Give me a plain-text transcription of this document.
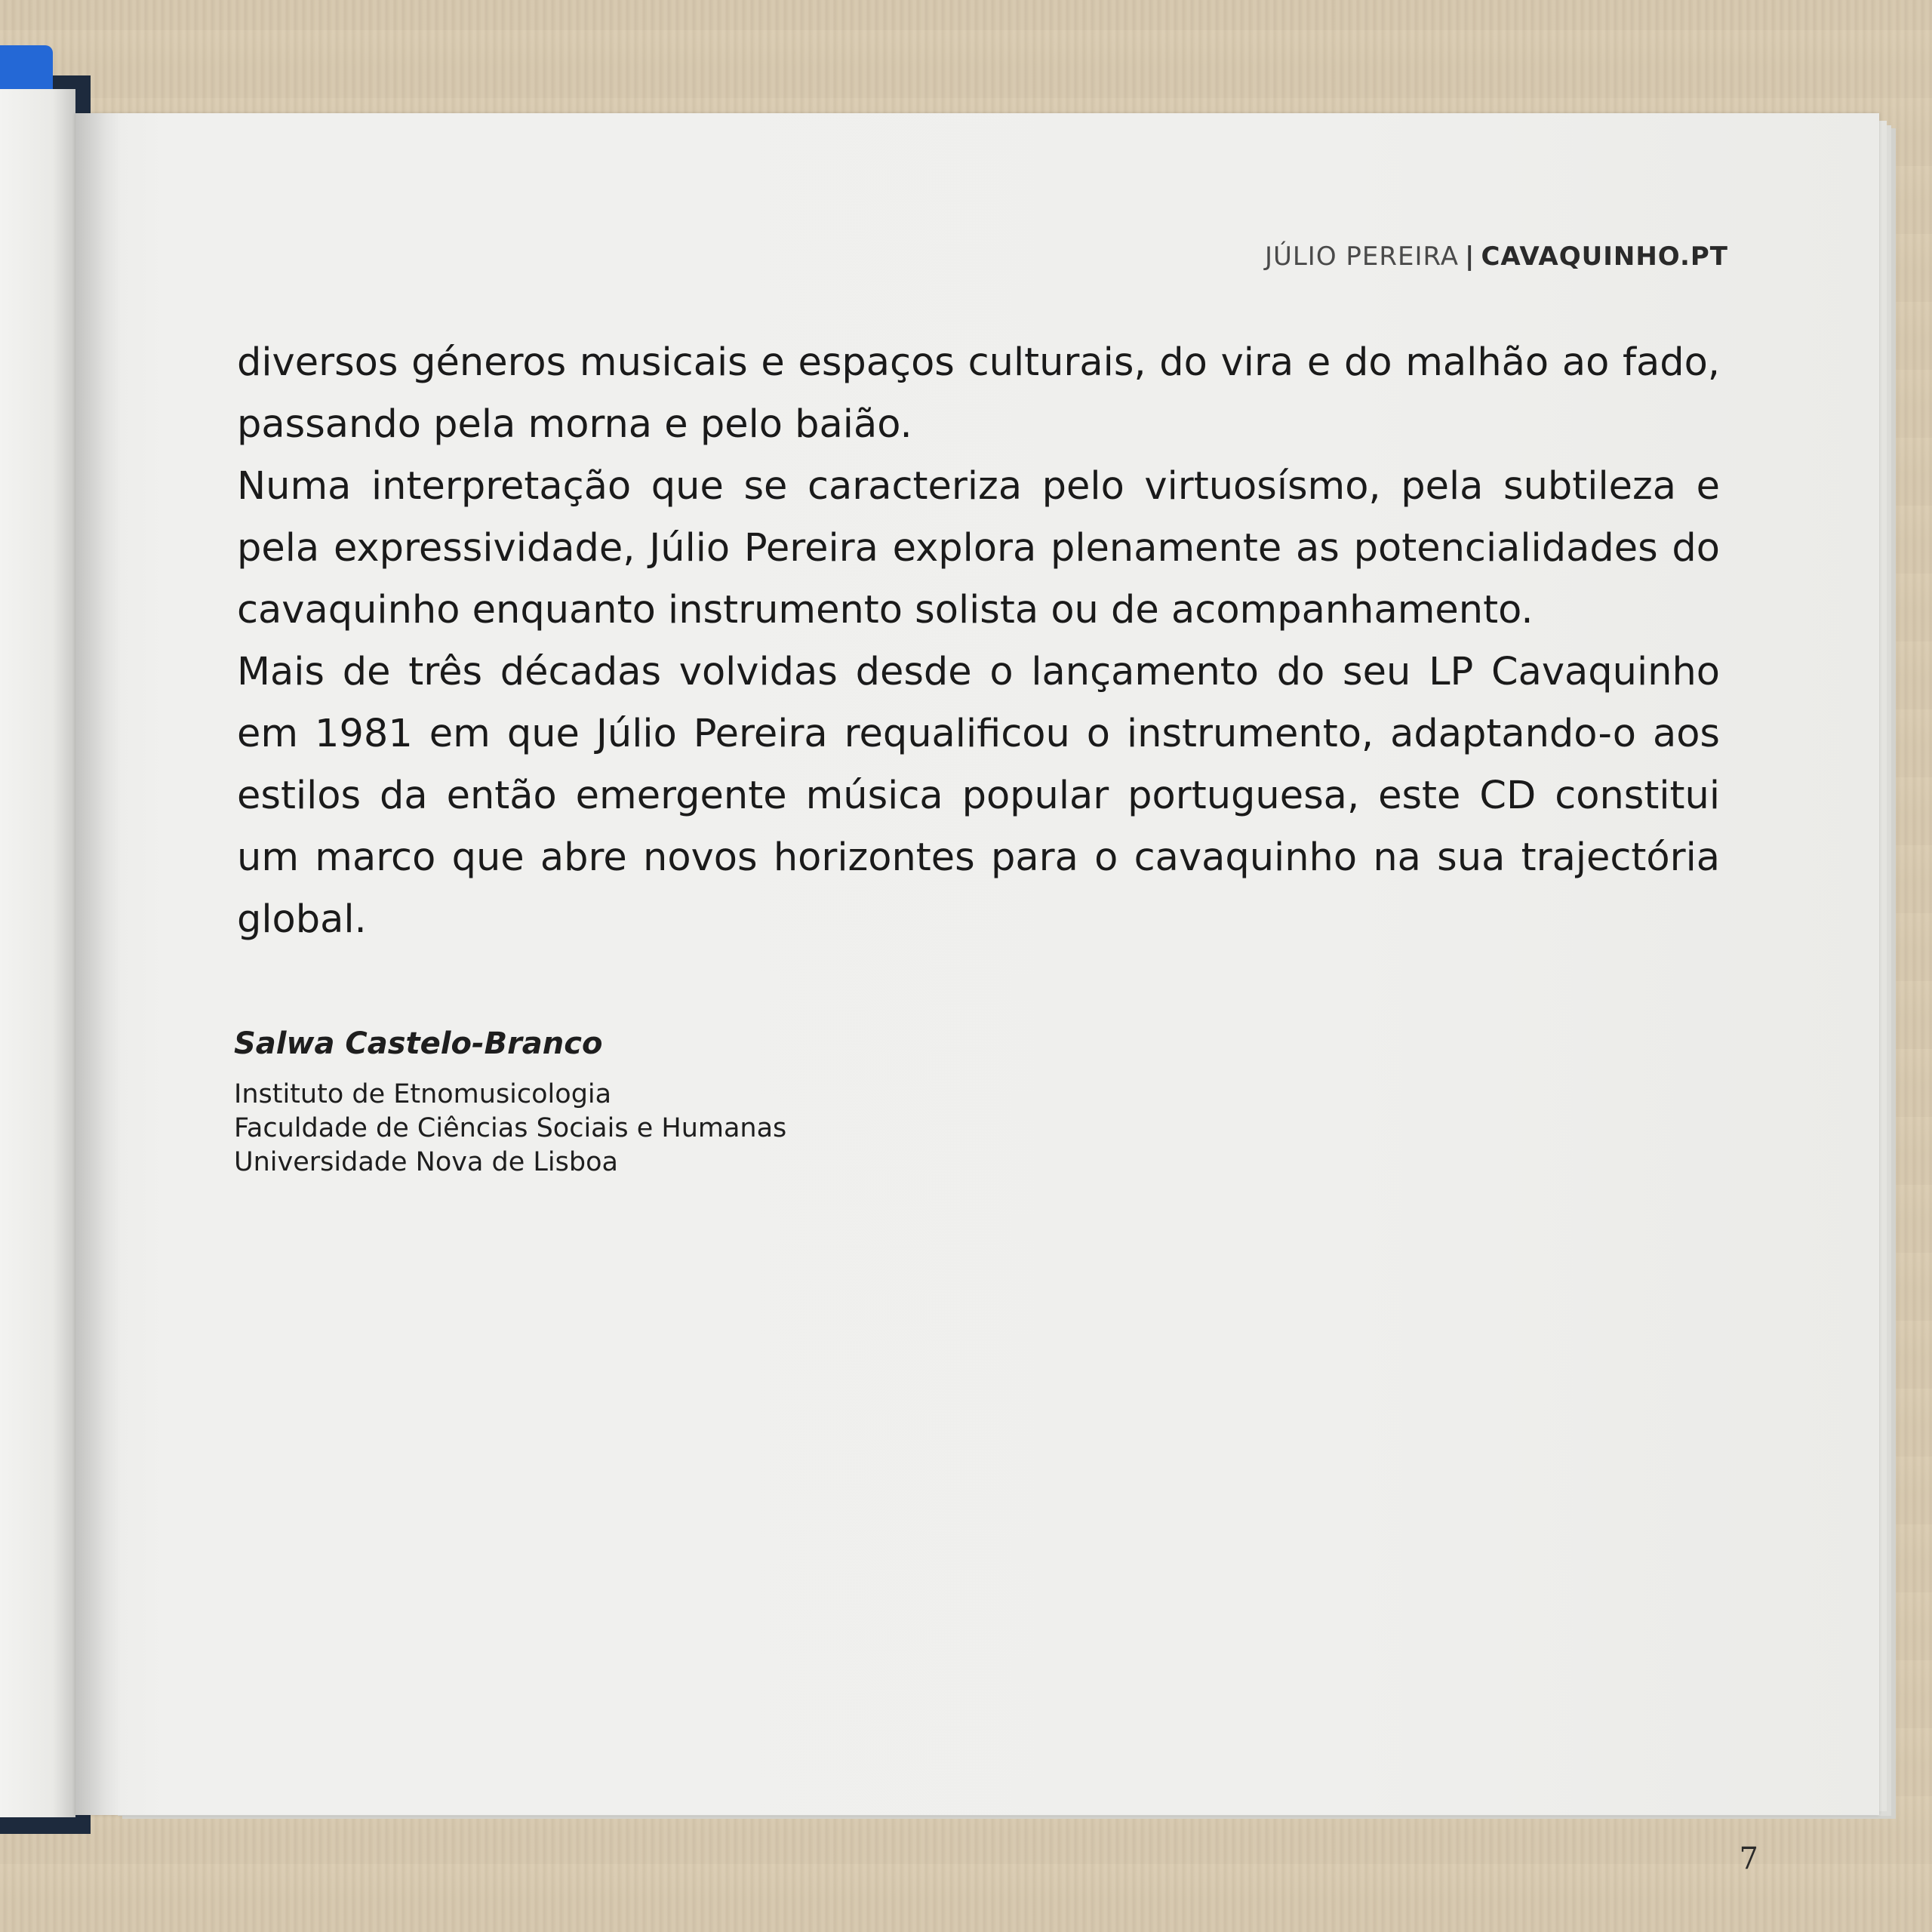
JÚLIO PEREIRA | CAVAQUINHO.PT

diversos géneros musicais e espaços culturais, do vira e do malhão ao fado, passando pela morna e pelo baião.

Numa interpretação que se caracteriza pelo virtuosísmo, pela subtileza e pela expressividade, Júlio Pereira explora plenamente as potencialidades do cavaquinho enquanto instrumento solista ou de acompanhamento.

Mais de três décadas volvidas desde o lançamento do seu LP Cavaquinho em 1981 em que Júlio Pereira requalificou o instrumento, adaptando-o aos estilos da então emergente música popular portuguesa, este CD constitui um marco que abre novos horizontes para o cavaquinho na sua trajectória global.

Salwa Castelo-Branco
Instituto de Etnomusicologia
Faculdade de Ciências Sociais e Humanas
Universidade Nova de Lisboa
7
